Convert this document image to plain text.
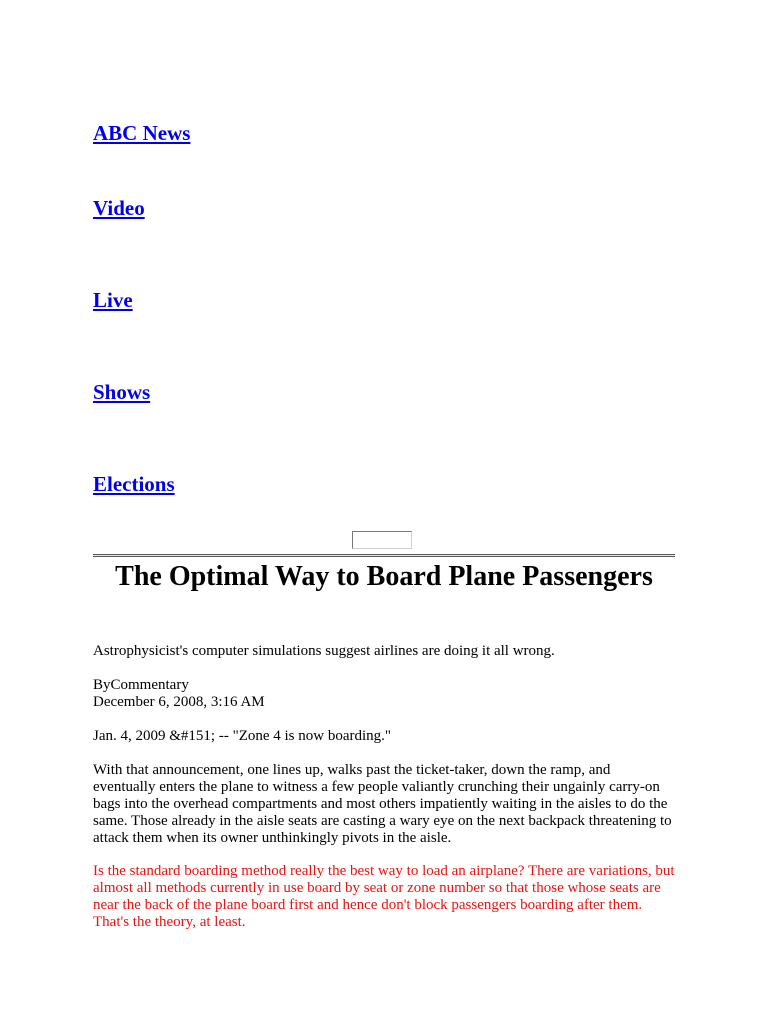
ABC News
Video
Live
Shows
Elections
The Optimal Way to Board Plane Passengers

Astrophysicist's computer simulations suggest airlines are doing it all wrong.

ByCommentary

December 6, 2008, 3:16 AM

Jan. 4, 2009 &#151; -- "Zone 4 is now boarding."

With that announcement, one lines up, walks past the ticket-taker, down the ramp, and eventually enters the plane to witness a few people valiantly crunching their ungainly carry-on bags into the overhead compartments and most others impatiently waiting in the aisles to do the same. Those already in the aisle seats are casting a wary eye on the next backpack threatening to attack them when its owner unthinkingly pivots in the aisle.

Is the standard boarding method really the best way to load an airplane? There are variations, but almost all methods currently in use board by seat or zone number so that those whose seats are near the back of the plane board first and hence don't block passengers boarding after them. That's the theory, at least.
